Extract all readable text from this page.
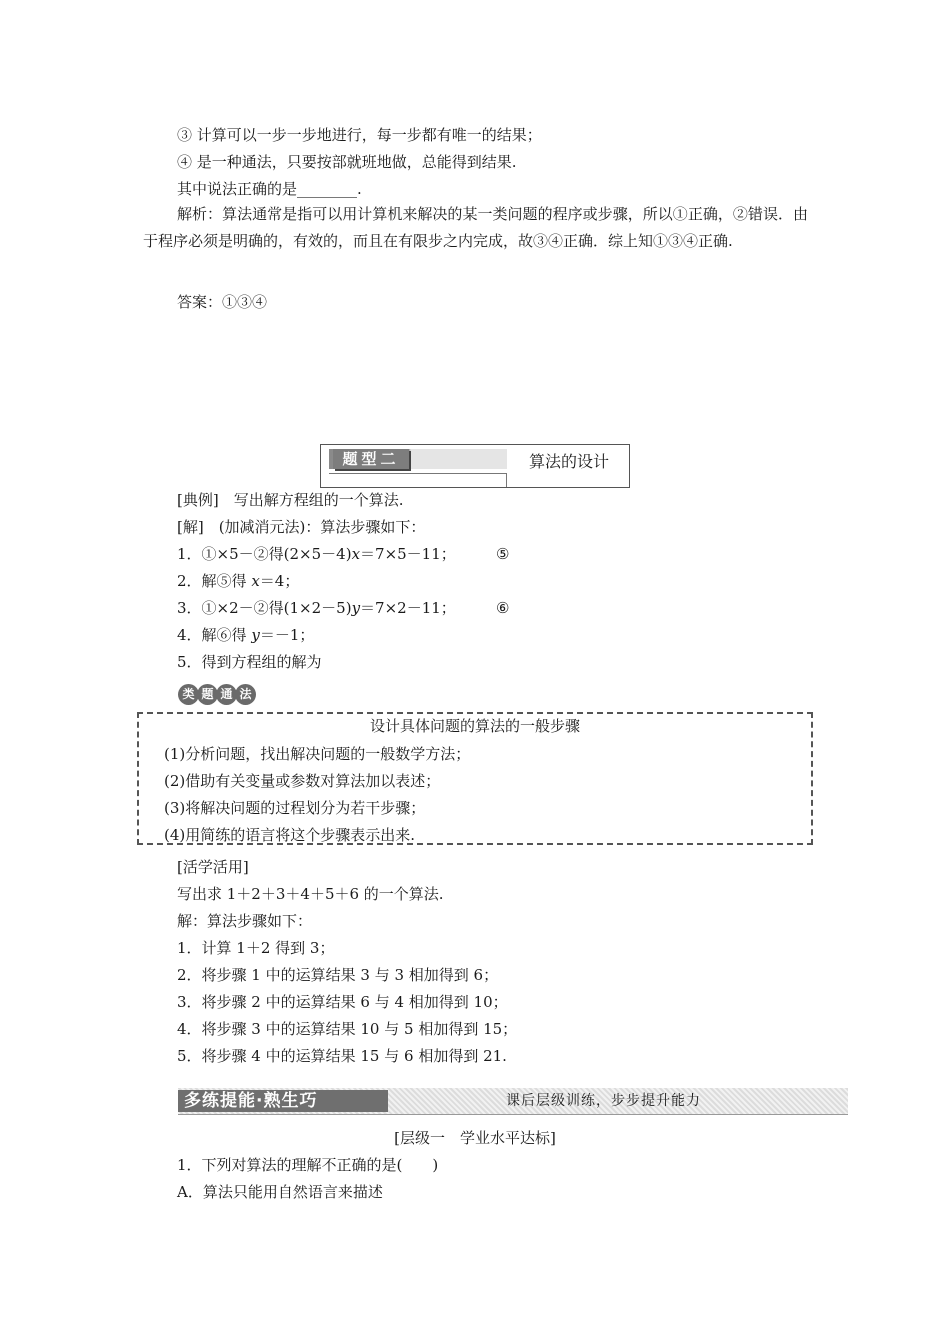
③ 计算可以一步一步地进行，每一步都有唯一的结果；
④ 是一种通法，只要按部就班地做，总能得到结果.
其中说法正确的是________.
解析：算法通常是指可以用计算机来解决的某一类问题的程序或步骤，所以①正确，②错误．由于程序必须是明确的，有效的，而且在有限步之内完成，故③④正确．综上知①③④正确.
答案：①③④
题型二	算法的设计
[典例]　写出解方程组的一个算法.
[解]　(加减消元法)：算法步骤如下：
1．①×5－②得(2×5－4)x＝7×5－11；	⑤
2．解⑤得 x＝4；
3．①×2－②得(1×2－5)y＝7×2－11；	⑥
4．解⑥得 y＝－1；
5．得到方程组的解为
类 题 通 法
设计具体问题的算法的一般步骤
(1)分析问题，找出解决问题的一般数学方法；
(2)借助有关变量或参数对算法加以表述；
(3)将解决问题的过程划分为若干步骤；
(4)用简练的语言将这个步骤表示出来.
[活学活用]
写出求 1＋2＋3＋4＋5＋6 的一个算法.
解：算法步骤如下：
1．计算 1＋2 得到 3；
2．将步骤 1 中的运算结果 3 与 3 相加得到 6；
3．将步骤 2 中的运算结果 6 与 4 相加得到 10；
4．将步骤 3 中的运算结果 10 与 5 相加得到 15；
5．将步骤 4 中的运算结果 15 与 6 相加得到 21.
多练提能·熟生巧	课后层级训练，步步提升能力
[层级一　学业水平达标]
1．下列对算法的理解不正确的是(　　)
A．算法只能用自然语言来描述
